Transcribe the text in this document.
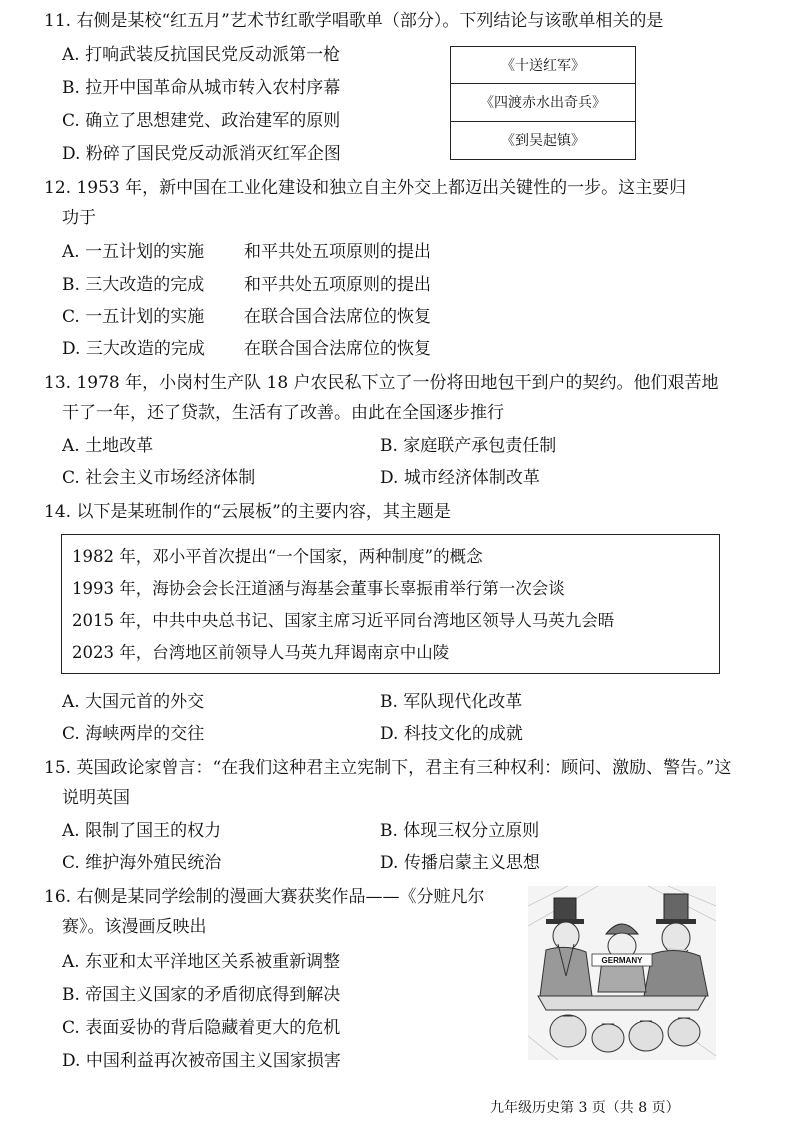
11. 右侧是某校“红五月”艺术节红歌学唱歌单（部分）。下列结论与该歌单相关的是
A. 打响武装反抗国民党反动派第一枪
B. 拉开中国革命从城市转入农村序幕
C. 确立了思想建党、政治建军的原则
D. 粉碎了国民党反动派消灭红军企图
《十送红军》
《四渡赤水出奇兵》
《到吴起镇》
12. 1953 年，新中国在工业化建设和独立自主外交上都迈出关键性的一步。这主要归
功于
A. 一五计划的实施 和平共处五项原则的提出
B. 三大改造的完成 和平共处五项原则的提出
C. 一五计划的实施 在联合国合法席位的恢复
D. 三大改造的完成 在联合国合法席位的恢复
13. 1978 年，小岗村生产队 18 户农民私下立了一份将田地包干到户的契约。他们艰苦地
干了一年，还了贷款，生活有了改善。由此在全国逐步推行
A. 土地改革	B. 家庭联产承包责任制
C. 社会主义市场经济体制	D. 城市经济体制改革
14. 以下是某班制作的“云展板”的主要内容，其主题是
1982 年，邓小平首次提出“一个国家，两种制度”的概念
1993 年，海协会会长汪道涵与海基会董事长辜振甫举行第一次会谈
2015 年，中共中央总书记、国家主席习近平同台湾地区领导人马英九会晤
2023 年，台湾地区前领导人马英九拜谒南京中山陵
A. 大国元首的外交	B. 军队现代化改革
C. 海峡两岸的交往	D. 科技文化的成就
15. 英国政论家曾言：“在我们这种君主立宪制下，君主有三种权利：顾问、激励、警告。”这
说明英国
A. 限制了国王的权力	B. 体现三权分立原则
C. 维护海外殖民统治	D. 传播启蒙主义思想
16. 右侧是某同学绘制的漫画大赛获奖作品——《分赃凡尔
赛》。该漫画反映出
A. 东亚和太平洋地区关系被重新调整
B. 帝国主义国家的矛盾彻底得到解决
C. 表面妥协的背后隐藏着更大的危机
D. 中国利益再次被帝国主义国家损害
GERMANY
九年级历史第 3 页（共 8 页）
